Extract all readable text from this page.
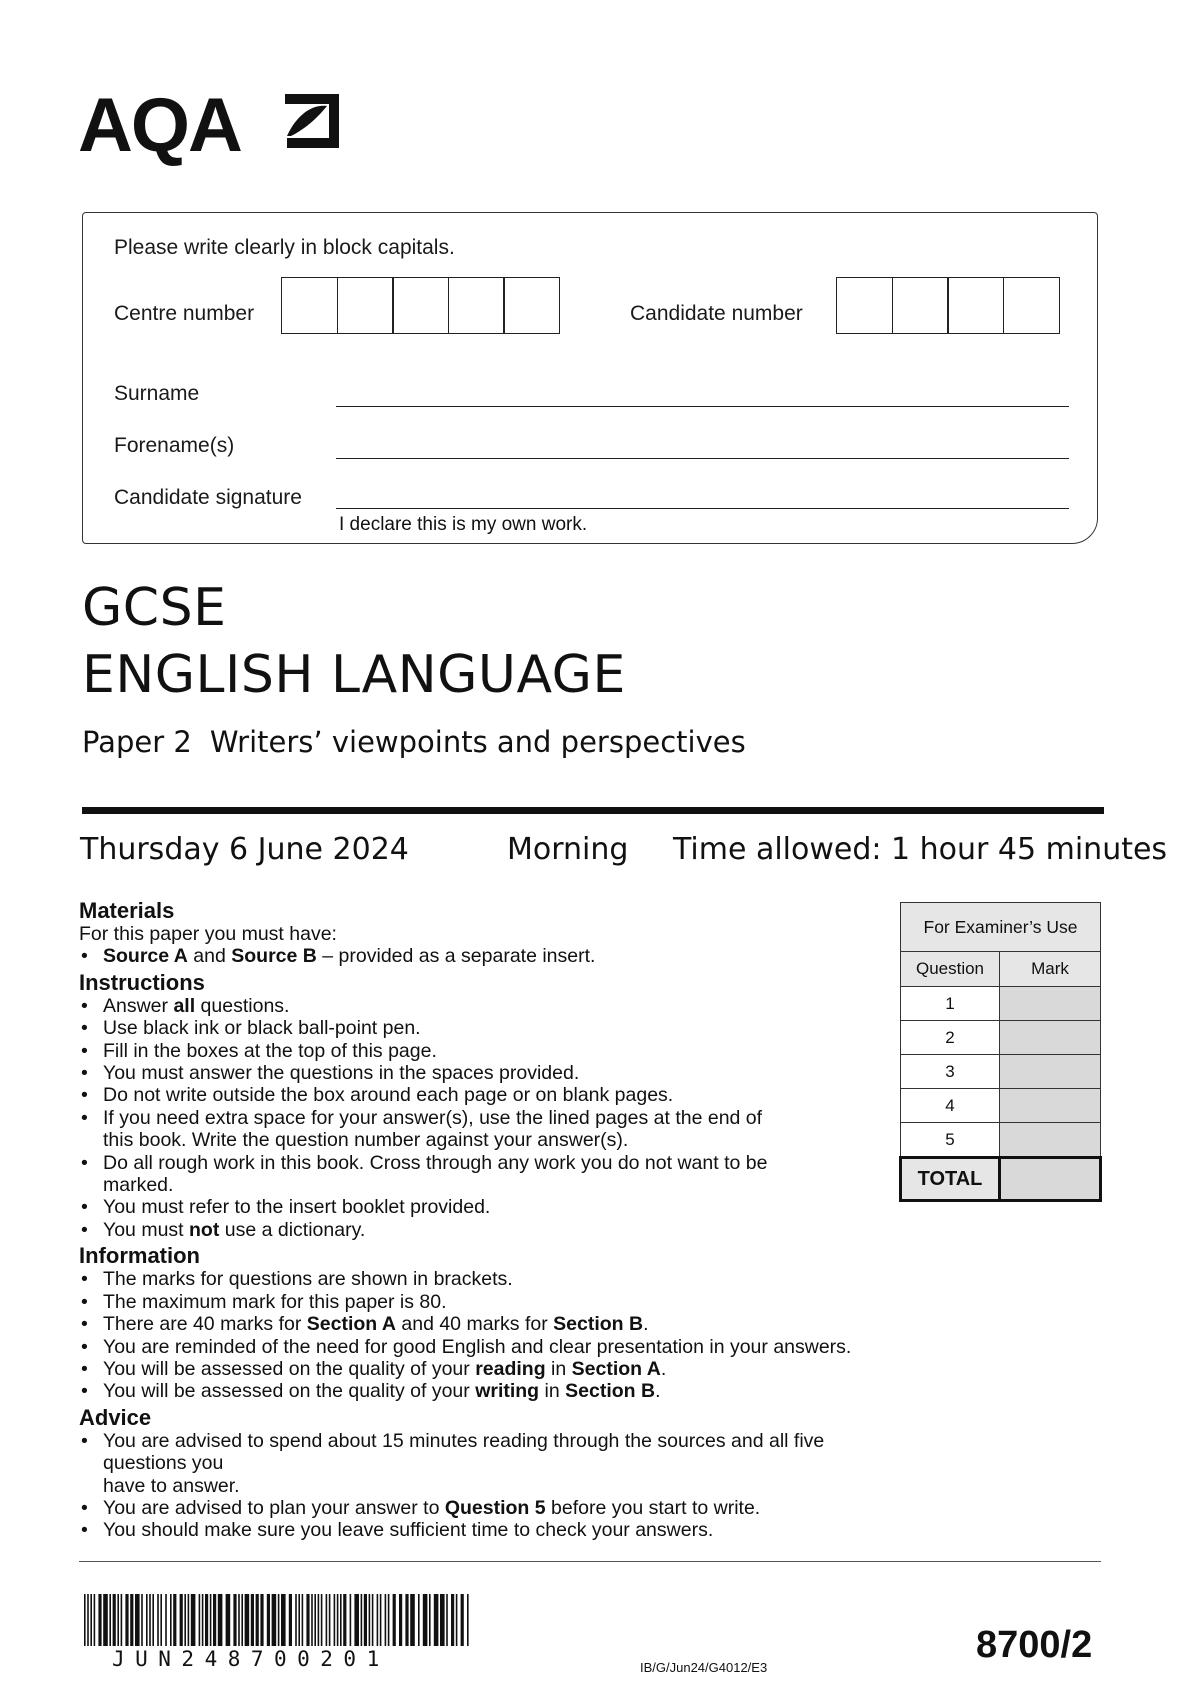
AQA
Please write clearly in block capitals.
Centre number	Candidate number
Surname
Forename(s)
Candidate signature
I declare this is my own work.
GCSE
ENGLISH LANGUAGE
Paper 2 Writers’ viewpoints and perspectives
Thursday 6 June 2024	Morning Time allowed: 1 hour 45 minutes
Materials
For this paper you must have:
• Source A and Source B – provided as a separate insert.
Instructions
• Answer all questions.
• Use black ink or black ball-point pen.
• Fill in the boxes at the top of this page.
• You must answer the questions in the spaces provided.
• Do not write outside the box around each page or on blank pages.
• If you need extra space for your answer(s), use the lined pages at the end of
this book. Write the question number against your answer(s).
• Do all rough work in this book. Cross through any work you do not want to be
marked.
• You must refer to the insert booklet provided.
• You must not use a dictionary.
Information
• The marks for questions are shown in brackets.
• The maximum mark for this paper is 80.
• There are 40 marks for Section A and 40 marks for Section B.
• You are reminded of the need for good English and clear presentation in your answers.
• You will be assessed on the quality of your reading in Section A.
• You will be assessed on the quality of your writing in Section B.
Advice
• You are advised to spend about 15 minutes reading through the sources and all five questions you
have to answer.
• You are advised to plan your answer to Question 5 before you start to write.
• You should make sure you leave sufficient time to check your answers.
For Examiner’s Use	
Question	Mark
1	
2	
3	
4	
5	
TOTAL	
JUN248700201	IB/G/Jun24/G4012/E3
8700/2
